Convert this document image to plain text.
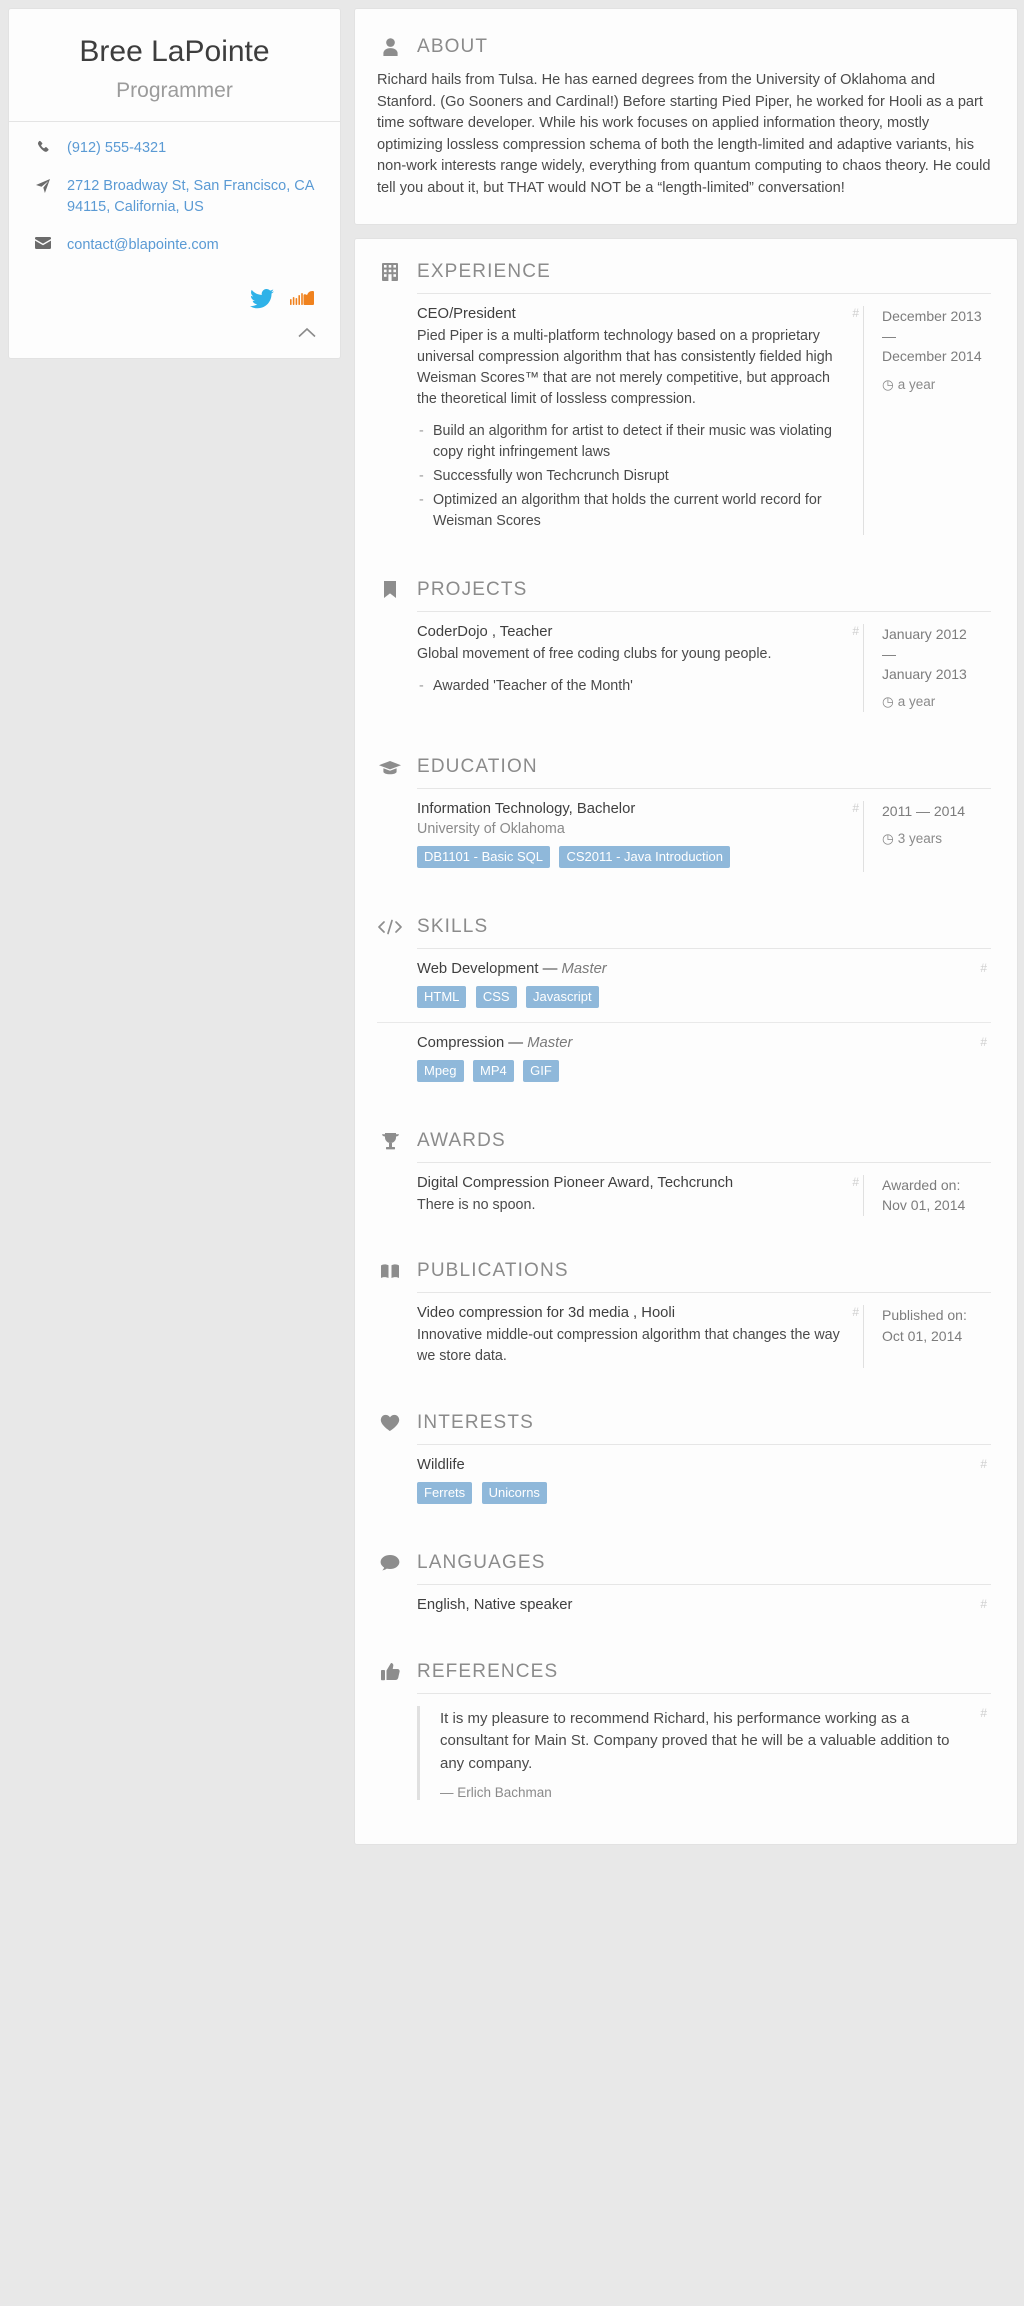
Bree LaPointe
Programmer
(912) 555-4321
2712 Broadway St, San Francisco, CA 94115, California, US
contact@blapointe.com
ABOUT
Richard hails from Tulsa. He has earned degrees from the University of Oklahoma and Stanford. (Go Sooners and Cardinal!) Before starting Pied Piper, he worked for Hooli as a part time software developer. While his work focuses on applied information theory, mostly optimizing lossless compression schema of both the length-limited and adaptive variants, his non-work interests range widely, everything from quantum computing to chaos theory. He could tell you about it, but THAT would NOT be a “length-limited” conversation!
EXPERIENCE
#
CEO/President
Pied Piper is a multi-platform technology based on a proprietary universal compression algorithm that has consistently fielded high Weisman Scores™ that are not merely competitive, but approach the theoretical limit of lossless compression.
- Build an algorithm for artist to detect if their music was violating copy right infringement laws
- Successfully won Techcrunch Disrupt
- Optimized an algorithm that holds the current world record for Weisman Scores
December 2013
—
December 2014
◷ a year
PROJECTS
#
CoderDojo , Teacher
Global movement of free coding clubs for young people.
- Awarded 'Teacher of the Month'
January 2012
—
January 2013
◷ a year
EDUCATION
#
Information Technology, Bachelor
University of Oklahoma
DB1101 - Basic SQL CS2011 - Java Introduction
2011 — 2014
◷ 3 years
SKILLS
#
Web Development — Master
HTML CSS Javascript
#
Compression — Master
Mpeg MP4 GIF
AWARDS
#
Digital Compression Pioneer Award, Techcrunch
There is no spoon.
Awarded on:
Nov 01, 2014
PUBLICATIONS
#
Video compression for 3d media , Hooli
Innovative middle-out compression algorithm that changes the way we store data.
Published on:
Oct 01, 2014
INTERESTS
#
Wildlife
Ferrets Unicorns
LANGUAGES
#
English, Native speaker
REFERENCES
#

It is my pleasure to recommend Richard, his performance working as a consultant for Main St. Company proved that he will be a valuable addition to any company.

— Erlich Bachman
